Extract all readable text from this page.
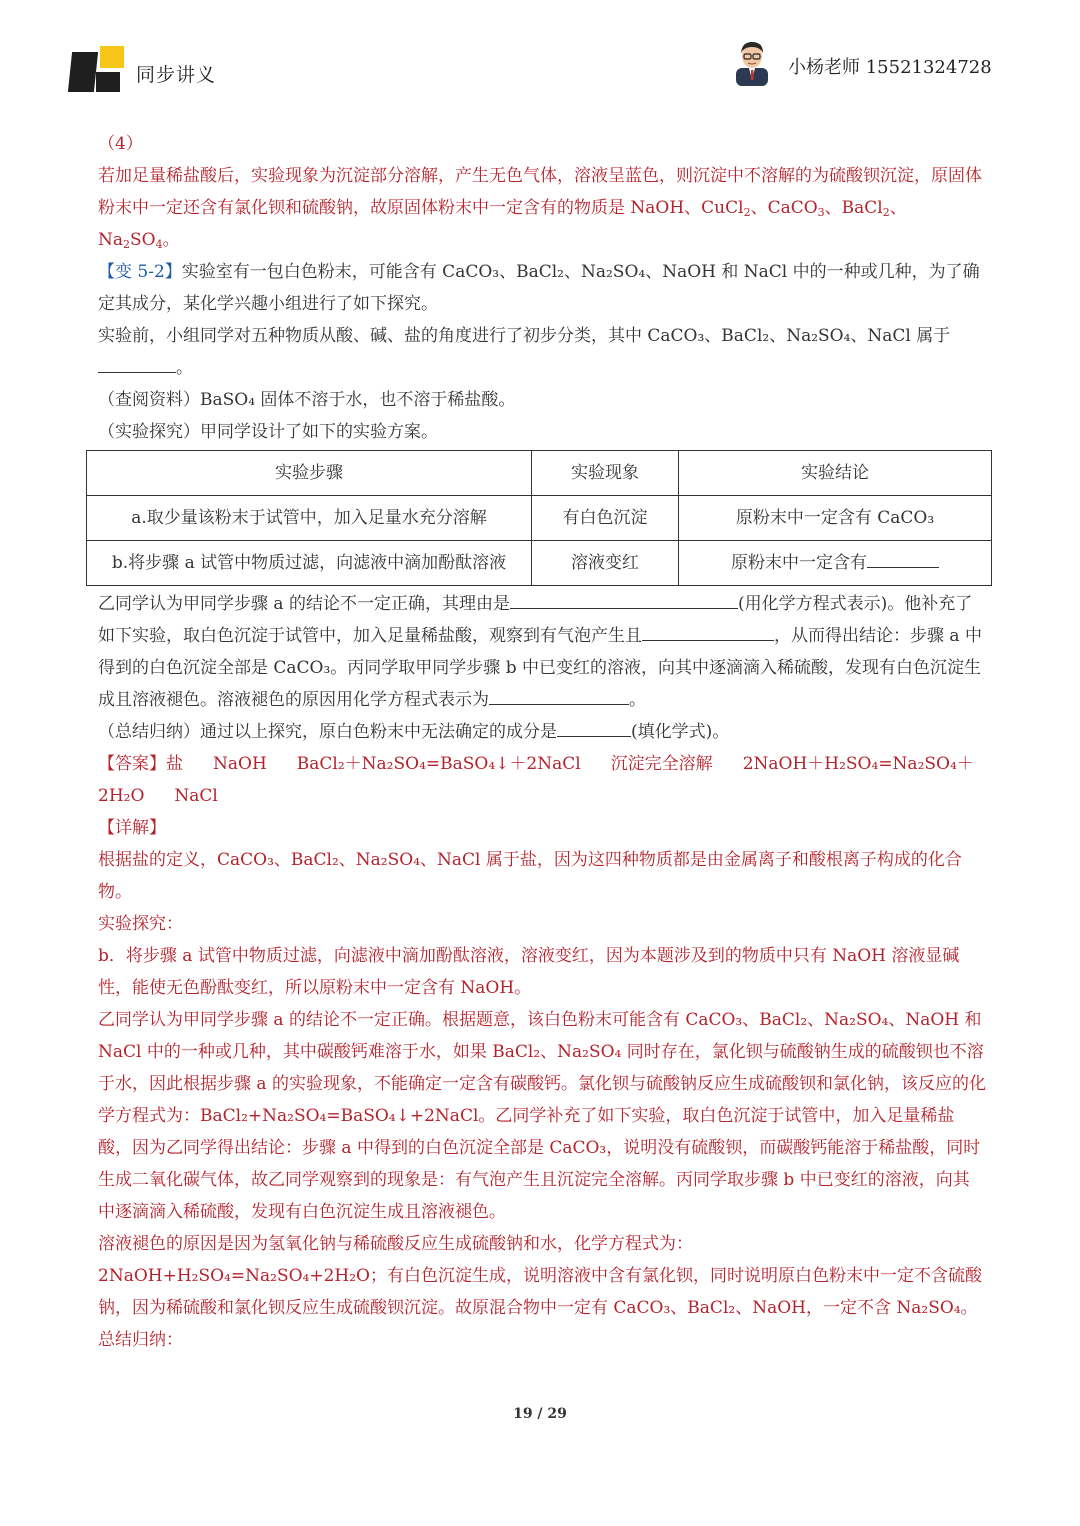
同步讲义	小杨老师 15521324728

（4）

若加足量稀盐酸后，实验现象为沉淀部分溶解，产生无色气体，溶液呈蓝色，则沉淀中不溶解的为硫酸钡沉淀，原固体粉末中一定还含有氯化钡和硫酸钠，故原固体粉末中一定含有的物质是 NaOH、CuCl$_2$、CaCO$_3$、BaCl$_2$、$Na_2SO_4$。

【变 5-2】实验室有一包白色粉末，可能含有 CaCO₃、BaCl₂、Na₂SO₄、NaOH 和 NaCl 中的一种或几种，为了确定其成分，某化学兴趣小组进行了如下探究。

实验前，小组同学对五种物质从酸、碱、盐的角度进行了初步分类，其中 CaCO₃、BaCl₂、Na₂SO₄、NaCl 属于。

（查阅资料）BaSO₄ 固体不溶于水，也不溶于稀盐酸。

（实验探究）甲同学设计了如下的实验方案。

实验步骤	实验现象	实验结论
a.取少量该粉末于试管中，加入足量水充分溶解	有白色沉淀	原粉末中一定含有 CaCO₃
b.将步骤 a 试管中物质过滤，向滤液中滴加酚酞溶液	溶液变红	原粉末中一定含有

乙同学认为甲同学步骤 a 的结论不一定正确，其理由是	(用化学方程式表示)。他补充了如下实验，取白色沉淀于试管中，加入足量稀盐酸，观察到有气泡产生且	，从而得出结论：步骤 a 中得到的白色沉淀全部是 CaCO₃。丙同学取甲同学步骤 b 中已变红的溶液，向其中逐滴滴入稀硫酸，发现有白色沉淀生成且溶液褪色。溶液褪色的原因用化学方程式表示为	。

（总结归纳）通过以上探究，原白色粉末中无法确定的成分是	(填化学式)。

【答案】盐 NaOH BaCl₂＋Na₂SO₄=BaSO₄↓＋2NaCl 沉淀完全溶解 2NaOH＋H₂SO₄=Na₂SO₄＋2H₂O NaCl

【详解】

根据盐的定义，CaCO₃、BaCl₂、Na₂SO₄、NaCl 属于盐，因为这四种物质都是由金属离子和酸根离子构成的化合物。

实验探究：

b．将步骤 a 试管中物质过滤，向滤液中滴加酚酞溶液，溶液变红，因为本题涉及到的物质中只有 NaOH 溶液显碱性，能使无色酚酞变红，所以原粉末中一定含有 NaOH。

乙同学认为甲同学步骤 a 的结论不一定正确。根据题意，该白色粉末可能含有 CaCO₃、BaCl₂、Na₂SO₄、NaOH 和 NaCl 中的一种或几种，其中碳酸钙难溶于水，如果 BaCl₂、Na₂SO₄ 同时存在，氯化钡与硫酸钠生成的硫酸钡也不溶于水，因此根据步骤 a 的实验现象，不能确定一定含有碳酸钙。氯化钡与硫酸钠反应生成硫酸钡和氯化钠，该反应的化学方程式为：BaCl₂+Na₂SO₄=BaSO₄↓+2NaCl。乙同学补充了如下实验，取白色沉淀于试管中，加入足量稀盐酸，因为乙同学得出结论：步骤 a 中得到的白色沉淀全部是 CaCO₃，说明没有硫酸钡，而碳酸钙能溶于稀盐酸，同时生成二氧化碳气体，故乙同学观察到的现象是：有气泡产生且沉淀完全溶解。丙同学取步骤 b 中已变红的溶液，向其中逐滴滴入稀硫酸，发现有白色沉淀生成且溶液褪色。

溶液褪色的原因是因为氢氧化钠与稀硫酸反应生成硫酸钠和水，化学方程式为：

2NaOH+H₂SO₄=Na₂SO₄+2H₂O；有白色沉淀生成，说明溶液中含有氯化钡，同时说明原白色粉末中一定不含硫酸钠，因为稀硫酸和氯化钡反应生成硫酸钡沉淀。故原混合物中一定有 CaCO₃、BaCl₂、NaOH，一定不含 Na₂SO₄。

总结归纳：

19 / 29
